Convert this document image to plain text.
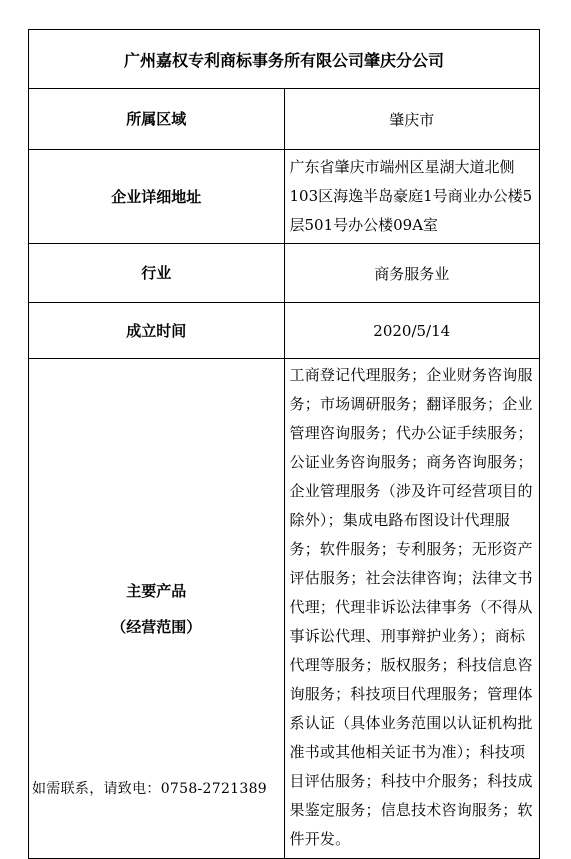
广州嘉权专利商标事务所有限公司肇庆分公司	
所属区域	肇庆市
企业详细地址	广东省肇庆市端州区星湖大道北侧103区海逸半岛豪庭1号商业办公楼5层501号办公楼09A室
行业	商务服务业
成立时间	2020/5/14

主要产品
（经营范围）	工商登记代理服务；企业财务咨询服务；市场调研服务；翻译服务；企业管理咨询服务；代办公证手续服务；公证业务咨询服务；商务咨询服务；企业管理服务（涉及许可经营项目的除外）；集成电路布图设计代理服务；软件服务；专利服务；无形资产评估服务；社会法律咨询；法律文书代理；代理非诉讼法律事务（不得从事诉讼代理、刑事辩护业务）；商标代理等服务；版权服务；科技信息咨询服务；科技项目代理服务；管理体系认证（具体业务范围以认证机构批准书或其他相关证书为准）；科技项目评估服务；科技中介服务；科技成果鉴定服务；信息技术咨询服务；软件开发。
如需联系，请致电：0758-2721389
